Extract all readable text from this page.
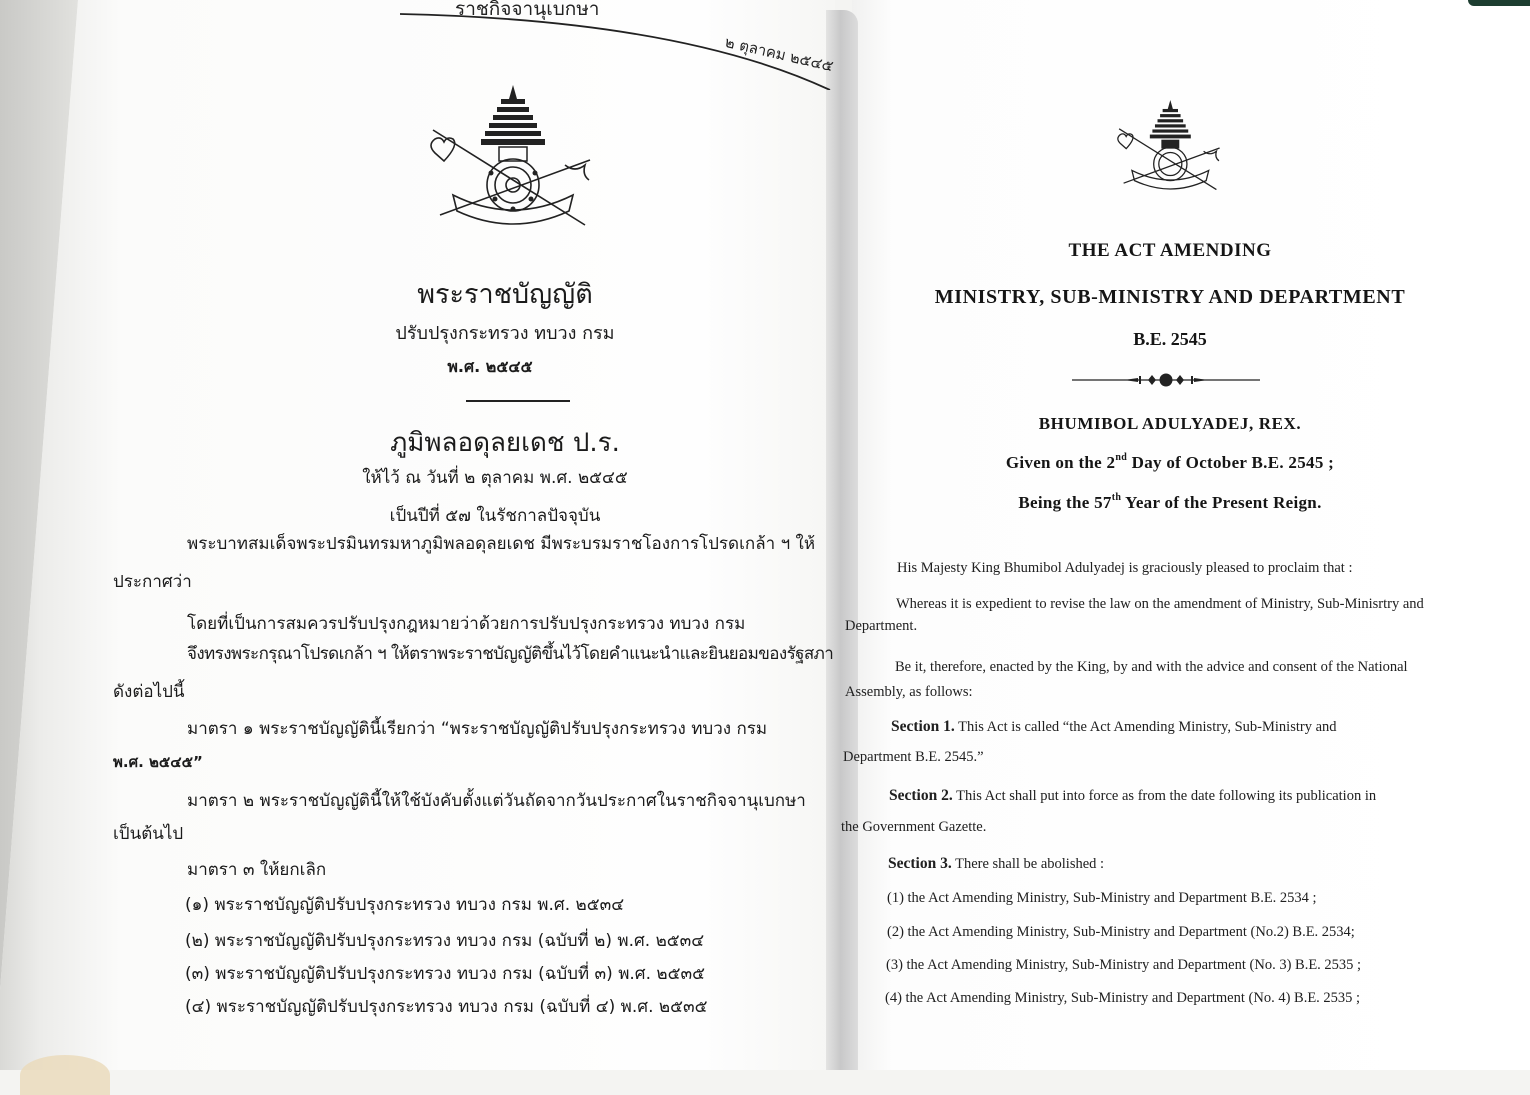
ราชกิจจานุเบกษา
๒ ตุลาคม ๒๕๔๕
พระราชบัญญัติ
ปรับปรุงกระทรวง ทบวง กรม
พ.ศ. ๒๕๔๕
ภูมิพลอดุลยเดช ป.ร.
ให้ไว้ ณ วันที่ ๒ ตุลาคม พ.ศ. ๒๕๔๕
เป็นปีที่ ๕๗ ในรัชกาลปัจจุบัน
พระบาทสมเด็จพระปรมินทรมหาภูมิพลอดุลยเดช มีพระบรมราชโองการโปรดเกล้า ฯ ให้
ประกาศว่า
โดยที่เป็นการสมควรปรับปรุงกฎหมายว่าด้วยการปรับปรุงกระทรวง ทบวง กรม
จึงทรงพระกรุณาโปรดเกล้า ฯ ให้ตราพระราชบัญญัติขึ้นไว้โดยคำแนะนำและยินยอมของรัฐสภา
ดังต่อไปนี้
มาตรา ๑ พระราชบัญญัตินี้เรียกว่า “พระราชบัญญัติปรับปรุงกระทรวง ทบวง กรม
พ.ศ. ๒๕๔๕”
มาตรา ๒ พระราชบัญญัตินี้ให้ใช้บังคับตั้งแต่วันถัดจากวันประกาศในราชกิจจานุเบกษา
เป็นต้นไป
มาตรา ๓ ให้ยกเลิก
(๑) พระราชบัญญัติปรับปรุงกระทรวง ทบวง กรม พ.ศ. ๒๕๓๔
(๒) พระราชบัญญัติปรับปรุงกระทรวง ทบวง กรม (ฉบับที่ ๒) พ.ศ. ๒๕๓๔
(๓) พระราชบัญญัติปรับปรุงกระทรวง ทบวง กรม (ฉบับที่ ๓) พ.ศ. ๒๕๓๕
(๔) พระราชบัญญัติปรับปรุงกระทรวง ทบวง กรม (ฉบับที่ ๔) พ.ศ. ๒๕๓๕
THE ACT AMENDING
MINISTRY, SUB-MINISTRY AND DEPARTMENT
B.E. 2545
BHUMIBOL ADULYADEJ, REX.
Given on the 2nd Day of October B.E. 2545 ;
Being the 57th Year of the Present Reign.
His Majesty King Bhumibol Adulyadej is graciously pleased to proclaim that :
Whereas it is expedient to revise the law on the amendment of Ministry, Sub-Minisrtry and
Department.
Be it, therefore, enacted by the King, by and with the advice and consent of the National
Assembly, as follows:
Section 1. This Act is called “the Act Amending Ministry, Sub-Ministry and
Department B.E. 2545.”
Section 2. This Act shall put into force as from the date following its publication in
the Government Gazette.
Section 3. There shall be abolished :
(1) the Act Amending Ministry, Sub-Ministry and Department B.E. 2534 ;
(2) the Act Amending Ministry, Sub-Ministry and Department (No.2) B.E. 2534;
(3) the Act Amending Ministry, Sub-Ministry and Department (No. 3) B.E. 2535 ;
(4) the Act Amending Ministry, Sub-Ministry and Department (No. 4) B.E. 2535 ;
